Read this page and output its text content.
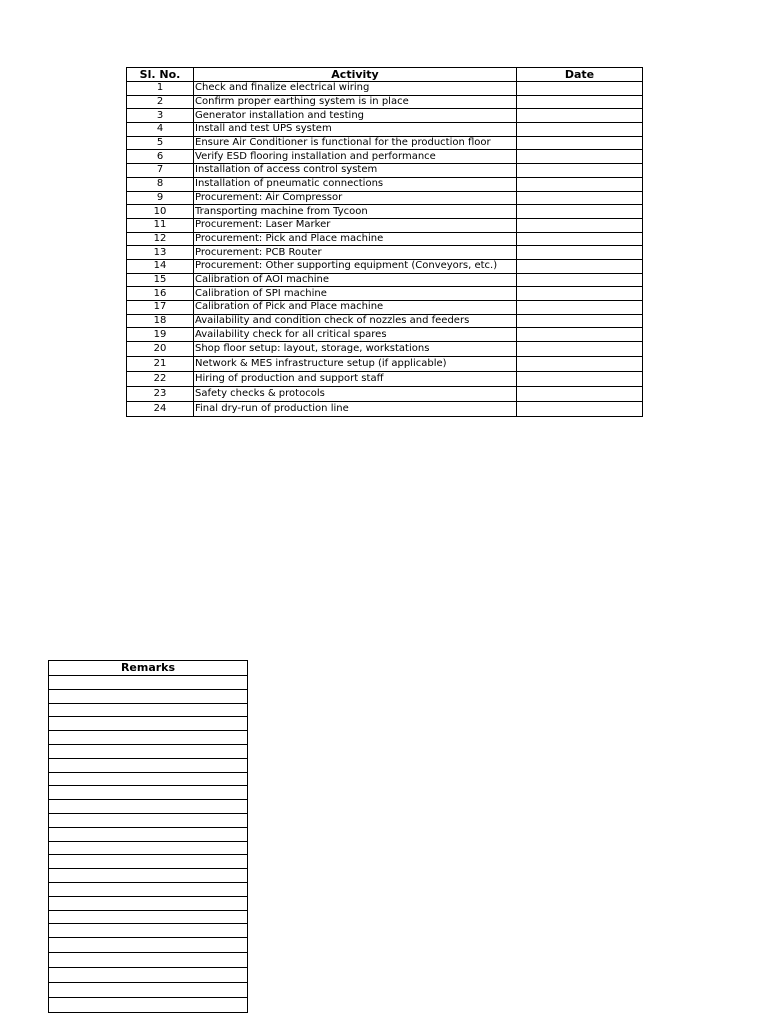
Sl. No.	Activity	Date
1	Check and finalize electrical wiring	
2	Confirm proper earthing system is in place	
3	Generator installation and testing	
4	Install and test UPS system	
5	Ensure Air Conditioner is functional for the production floor	
6	Verify ESD flooring installation and performance	
7	Installation of access control system	
8	Installation of pneumatic connections	
9	Procurement: Air Compressor	
10	Transporting machine from Tycoon	
11	Procurement: Laser Marker	
12	Procurement: Pick and Place machine	
13	Procurement: PCB Router	
14	Procurement: Other supporting equipment (Conveyors, etc.)	
15	Calibration of AOI machine	
16	Calibration of SPI machine	
17	Calibration of Pick and Place machine	
18	Availability and condition check of nozzles and feeders	
19	Availability check for all critical spares	
20	Shop floor setup: layout, storage, workstations	
21	Network & MES infrastructure setup (if applicable)	
22	Hiring of production and support staff	
23	Safety checks & protocols	
24	Final dry-run of production line	
Remarks
